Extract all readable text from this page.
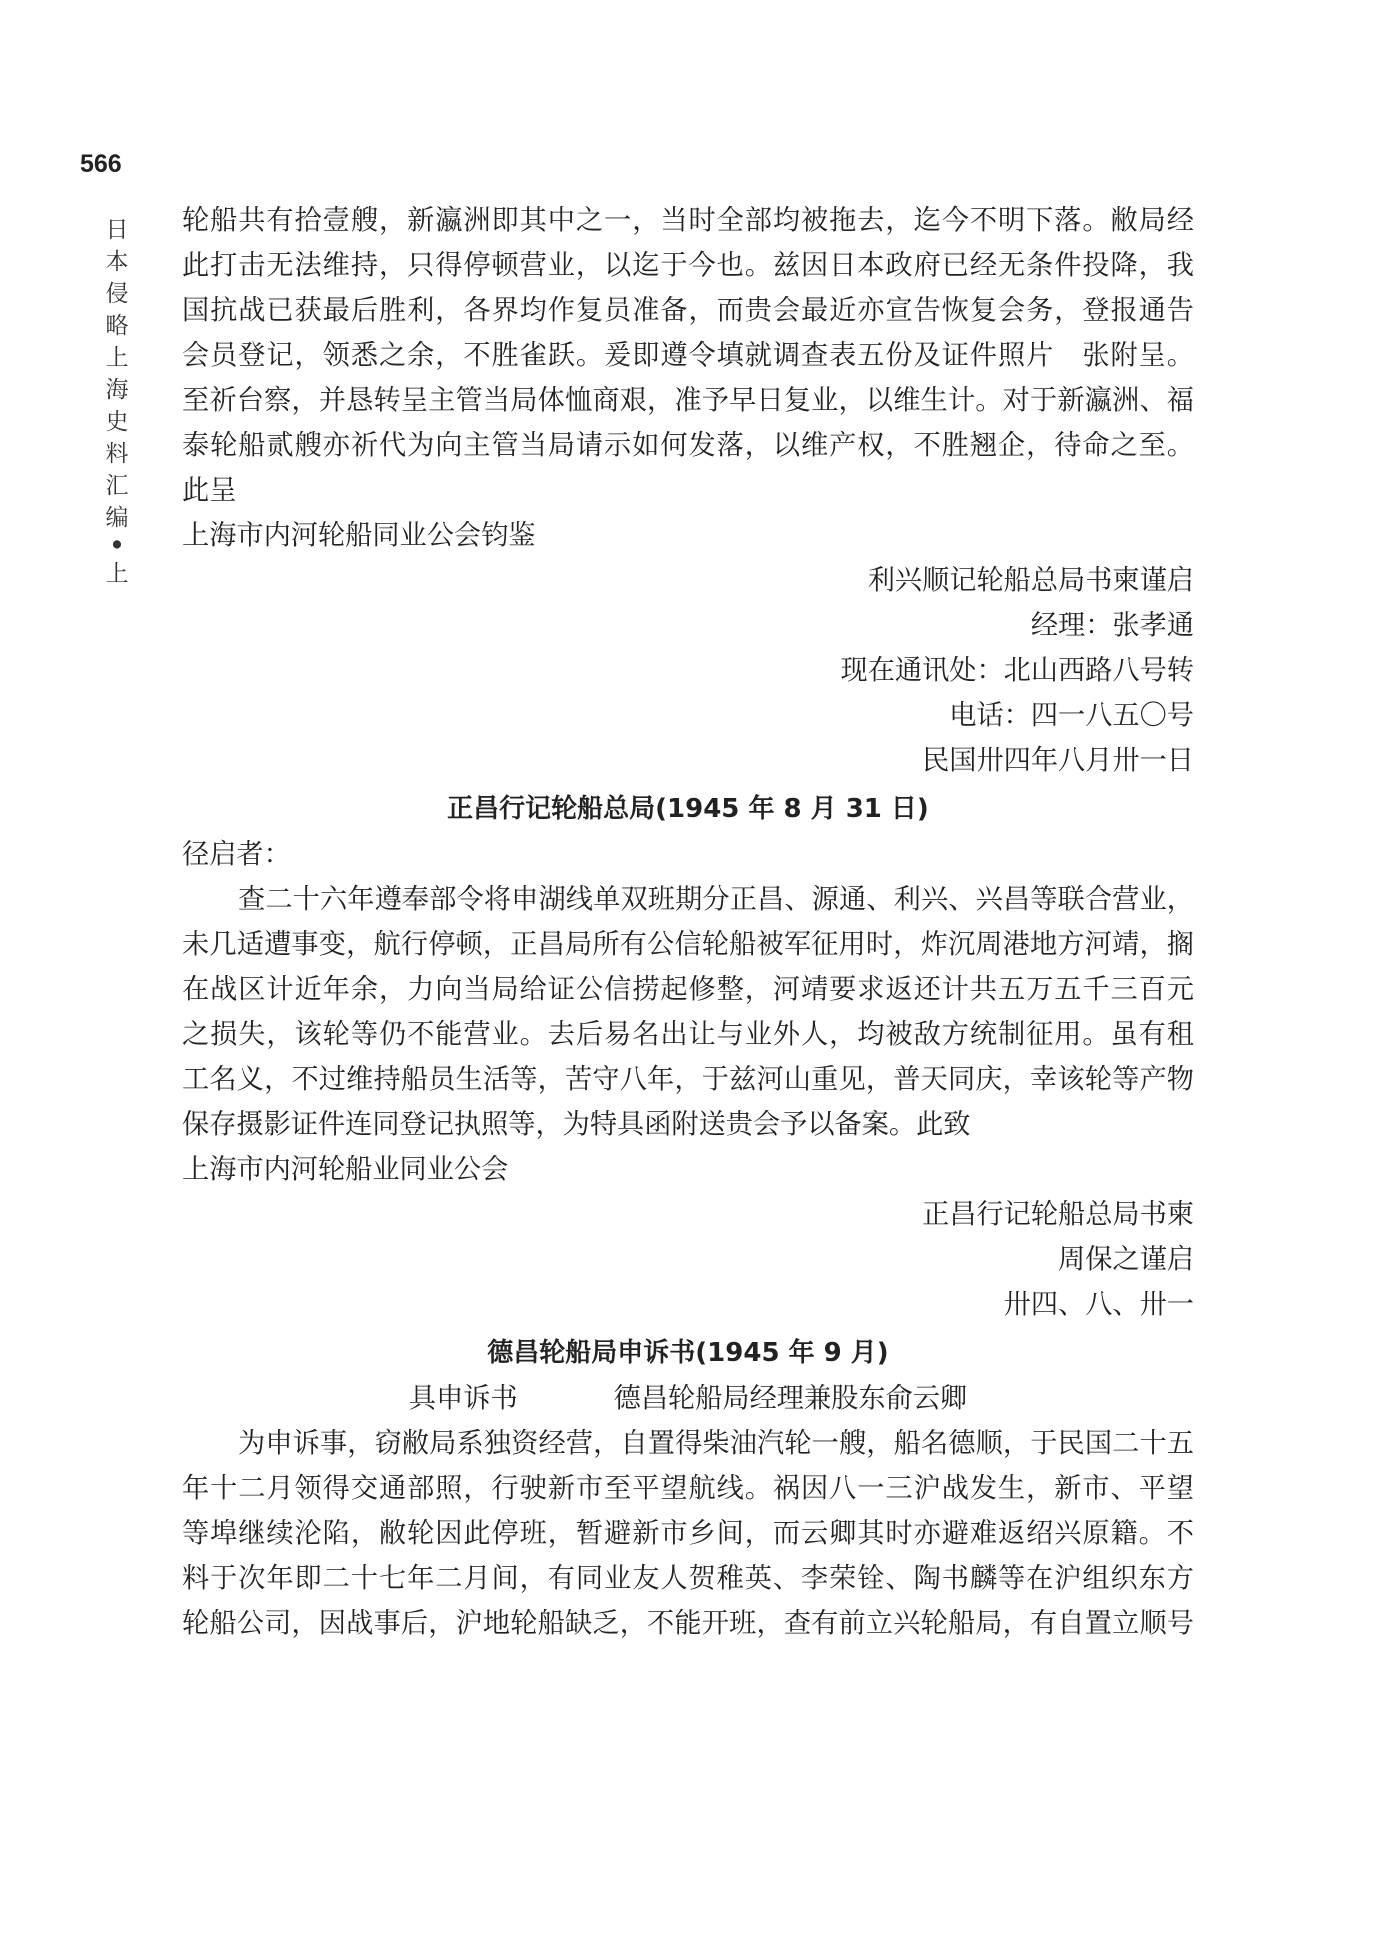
566
日
本
侵
略
上
海
史
料
汇
编
•
上
轮船共有拾壹艘，新瀛洲即其中之一，当时全部均被拖去，迄今不明下落。敝局经
此打击无法维持，只得停顿营业，以迄于今也。兹因日本政府已经无条件投降，我
国抗战已获最后胜利，各界均作复员准备，而贵会最近亦宣告恢复会务，登报通告
会员登记，领悉之余，不胜雀跃。爰即遵令填就调查表五份及证件照片　张附呈。
至祈台察，并恳转呈主管当局体恤商艰，准予早日复业，以维生计。对于新瀛洲、福
泰轮船贰艘亦祈代为向主管当局请示如何发落，以维产权，不胜翘企，待命之至。
此呈
上海市内河轮船同业公会钧鉴
利兴顺记轮船总局书柬谨启
经理：张孝通
现在通讯处：北山西路八号转
电话：四一八五〇号
民国卅四年八月卅一日
正昌行记轮船总局(1945 年 8 月 31 日)
径启者：
查二十六年遵奉部令将申湖线单双班期分正昌、源通、利兴、兴昌等联合营业，
未几适遭事变，航行停顿，正昌局所有公信轮船被军征用时，炸沉周港地方河靖，搁
在战区计近年余，力向当局给证公信捞起修整，河靖要求返还计共五万五千三百元
之损失，该轮等仍不能营业。去后易名出让与业外人，均被敌方统制征用。虽有租
工名义，不过维持船员生活等，苦守八年，于兹河山重见，普天同庆，幸该轮等产物
保存摄影证件连同登记执照等，为特具函附送贵会予以备案。此致
上海市内河轮船业同业公会
正昌行记轮船总局书柬
周保之谨启
卅四、八、卅一
德昌轮船局申诉书(1945 年 9 月)
具申诉书	德昌轮船局经理兼股东俞云卿
为申诉事，窃敝局系独资经营，自置得柴油汽轮一艘，船名德顺，于民国二十五
年十二月领得交通部照，行驶新市至平望航线。祸因八一三沪战发生，新市、平望
等埠继续沦陷，敝轮因此停班，暂避新市乡间，而云卿其时亦避难返绍兴原籍。不
料于次年即二十七年二月间，有同业友人贺稚英、李荣铨、陶书麟等在沪组织东方
轮船公司，因战事后，沪地轮船缺乏，不能开班，查有前立兴轮船局，有自置立顺号
